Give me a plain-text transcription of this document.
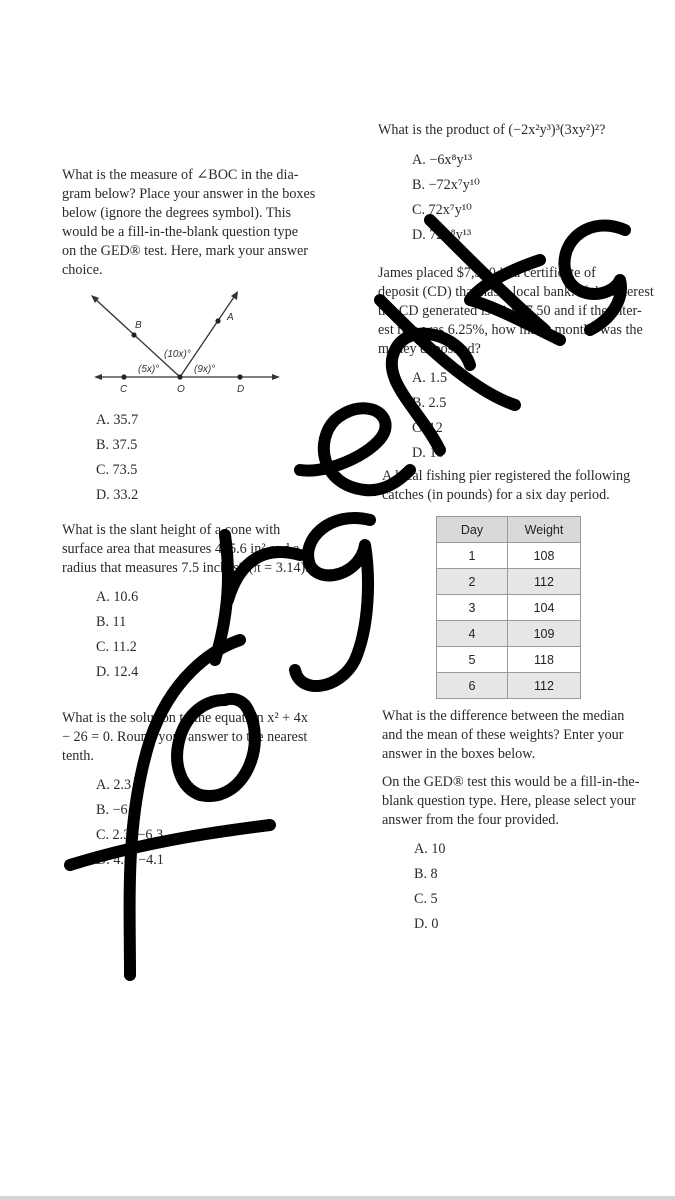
What is the product of (−2x²y³)³(3xy²)²?

A. −6x⁸y¹³
B. −72x⁷y¹⁰
C. 72x⁷y¹⁰
D. 72x⁸y¹³

What is the measure of ∠BOC in the dia-

gram below? Place your answer in the boxes

below (ignore the degrees symbol). This

would be a fill-in-the-blank question type

on the GED® test. Here, mark your answer

choice.

B
A
C	O	D
(10x)°
(5x)°	(9x)°
A. 35.7
B. 37.5
C. 73.5
D. 33.2

James placed $7,500 in a certificate of

deposit (CD) that has a local bank. If the interest

the CD generated is $1,687.50 and if the inter-

est rate was 6.25%, how many months was the

money deposited?

A. 1.5
B. 2.5
C. 12
D. 18

A local fishing pier registered the following

catches (in pounds) for a six day period.

Day	Weight
1	108
2	112
3	104
4	109
5	118
6	112

What is the difference between the median

and the mean of these weights? Enter your

answer in the boxes below.

On the GED® test this would be a fill-in-the-

blank question type. Here, please select your

answer from the four provided.

A. 10
B. 8
C. 5
D. 0

What is the slant height of a cone with

surface area that measures 435.6 in² and a

radius that measures 7.5 inches? (π = 3.14).

A. 10.6
B. 11
C. 11.2
D. 12.4

What is the solution to the equation x² + 4x

− 26 = 0. Round your answer to the nearest

tenth.

A. 2.3
B. −6.3
C. 2.3, −6.3
D. 4.4, −4.1
